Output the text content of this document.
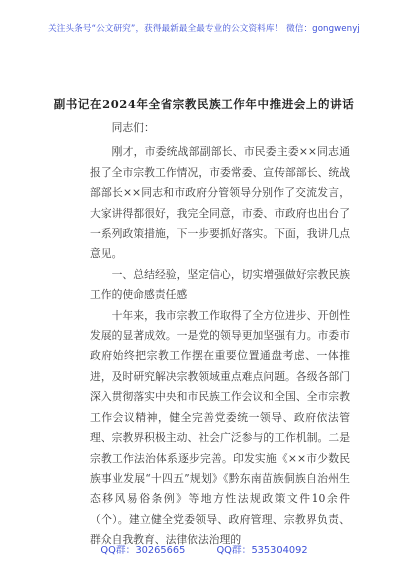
关注头条号“公文研究”，获得最新最全最专业的公文资料库！ 微信：gongwenyj
副书记在2024年全省宗教民族工作年中推进会上的讲话

同志们：

刚才，市委统战部副部长、市民委主委××同志通报了全市宗教工作情况，市委常委、宣传部部长、统战部部长××同志和市政府分管领导分别作了交流发言，大家讲得都很好，我完全同意，市委、市政府也出台了一系列政策措施，下一步要抓好落实。下面，我讲几点意见。

一、总结经验，坚定信心，切实增强做好宗教民族工作的使命感责任感

十年来，我市宗教工作取得了全方位进步、开创性发展的显著成效。一是党的领导更加坚强有力。市委市政府始终把宗教工作摆在重要位置通盘考虑、一体推进，及时研究解决宗教领域重点难点问题。各级各部门深入贯彻落实中央和市民族工作会议和全国、全市宗教工作会议精神，健全完善党委统一领导、政府依法管理、宗教界积极主动、社会广泛参与的工作机制。二是宗教工作法治体系逐步完善。印发实施《××市少数民族事业发展“十四五”规划》《黔东南苗族侗族自治州生态移风易俗条例》等地方性法规政策文件10余件（个）。建立健全党委领导、政府管理、宗教界负责、群众自我教育、法律依法治理的

QQ群：30265665	QQ群：535304092
